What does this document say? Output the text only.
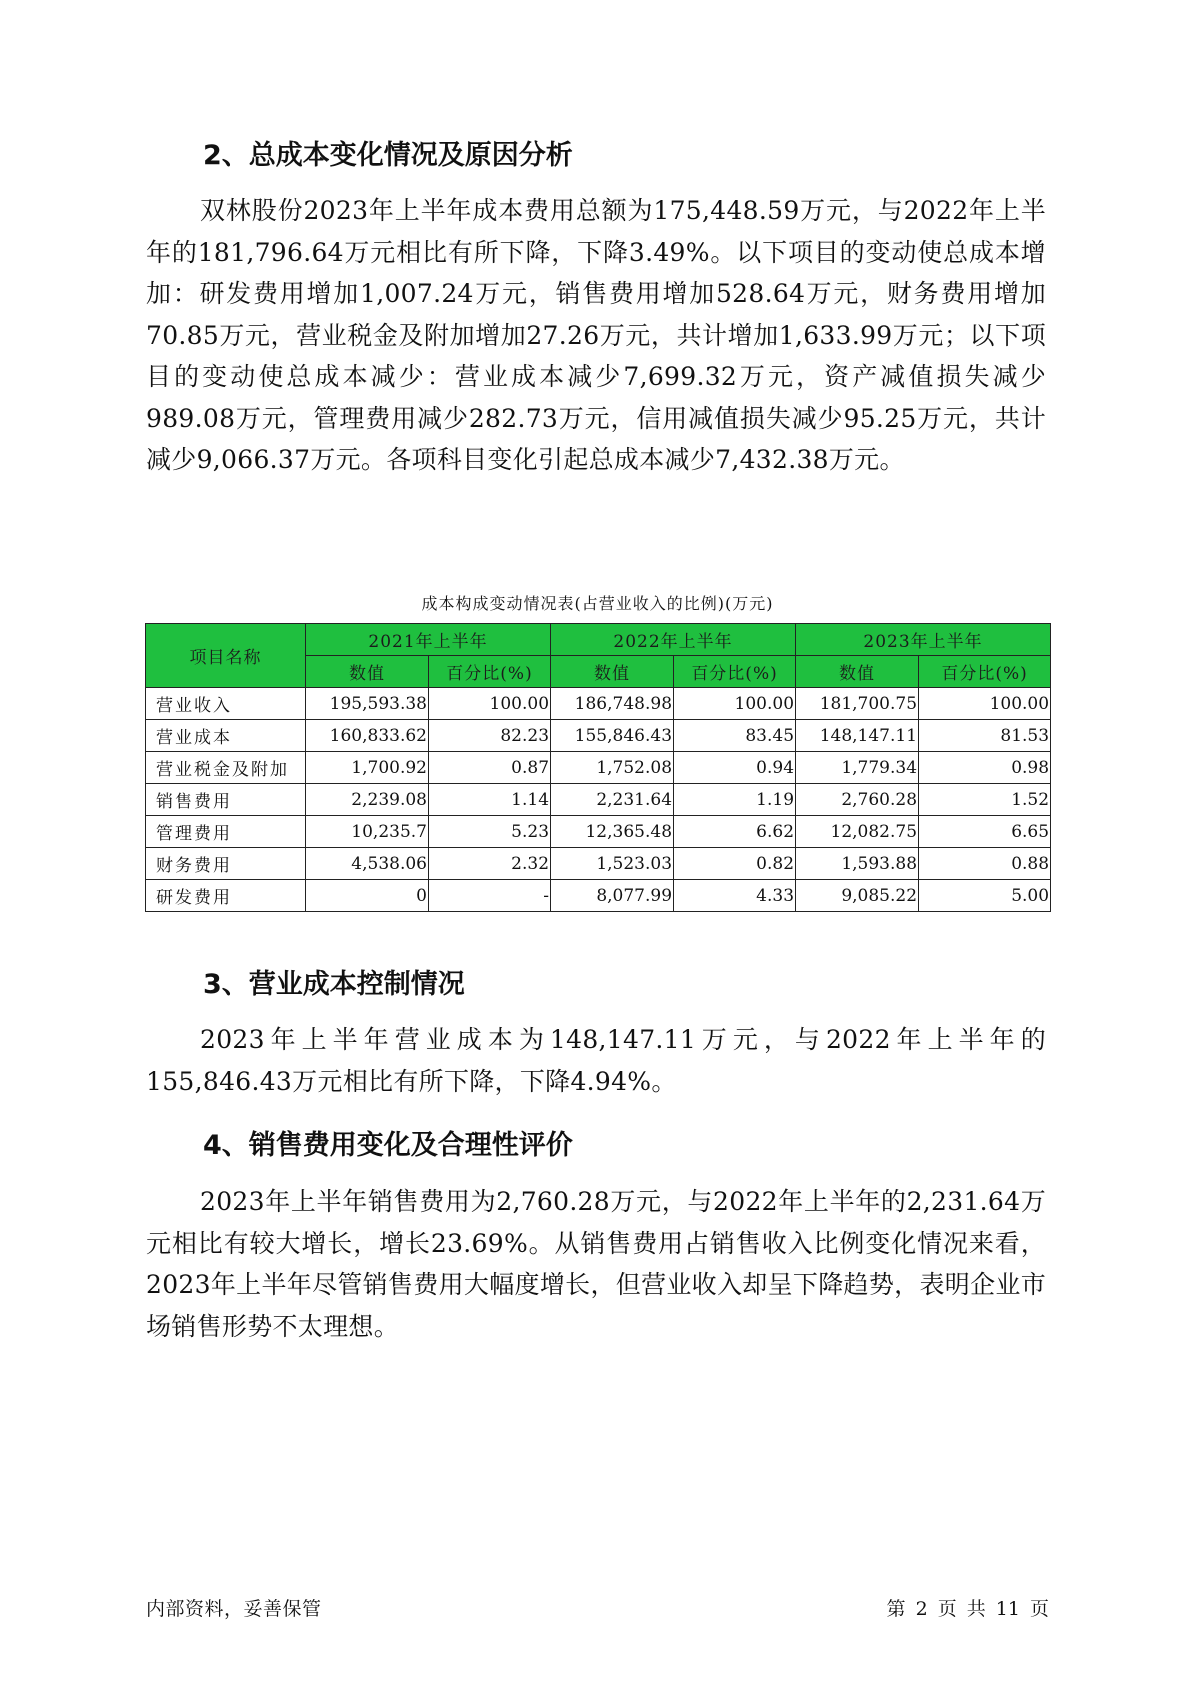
2、总成本变化情况及原因分析

双林股份2023年上半年成本费用总额为175,448.59万元，与2022年上半年的181,796.64万元相比有所下降，下降3.49%。以下项目的变动使总成本增加：研发费用增加1,007.24万元，销售费用增加528.64万元，财务费用增加70.85万元，营业税金及附加增加27.26万元，共计增加1,633.99万元；以下项目的变动使总成本减少：营业成本减少7,699.32万元，资产减值损失减少989.08万元，管理费用减少282.73万元，信用减值损失减少95.25万元，共计减少9,066.37万元。各项科目变化引起总成本减少7,432.38万元。

成本构成变动情况表(占营业收入的比例)(万元)

项目名称	2021年上半年		2022年上半年		2023年上半年	
	数值	百分比(%)	数值	百分比(%)	数值	百分比(%)
营业收入	195,593.38	100.00	186,748.98	100.00	181,700.75	100.00
营业成本	160,833.62	82.23	155,846.43	83.45	148,147.11	81.53
营业税金及附加	1,700.92	0.87	1,752.08	0.94	1,779.34	0.98
销售费用	2,239.08	1.14	2,231.64	1.19	2,760.28	1.52
管理费用	10,235.7	5.23	12,365.48	6.62	12,082.75	6.65
财务费用	4,538.06	2.32	1,523.03	0.82	1,593.88	0.88
研发费用	0	-	8,077.99	4.33	9,085.22	5.00
3、营业成本控制情况

2023年上半年营业成本为148,147.11万元，与2022年上半年的155,846.43万元相比有所下降，下降4.94%。

4、销售费用变化及合理性评价

2023年上半年销售费用为2,760.28万元，与2022年上半年的2,231.64万元相比有较大增长，增长23.69%。从销售费用占销售收入比例变化情况来看，2023年上半年尽管销售费用大幅度增长，但营业收入却呈下降趋势，表明企业市场销售形势不太理想。

内部资料，妥善保管	第 2 页 共 11 页
